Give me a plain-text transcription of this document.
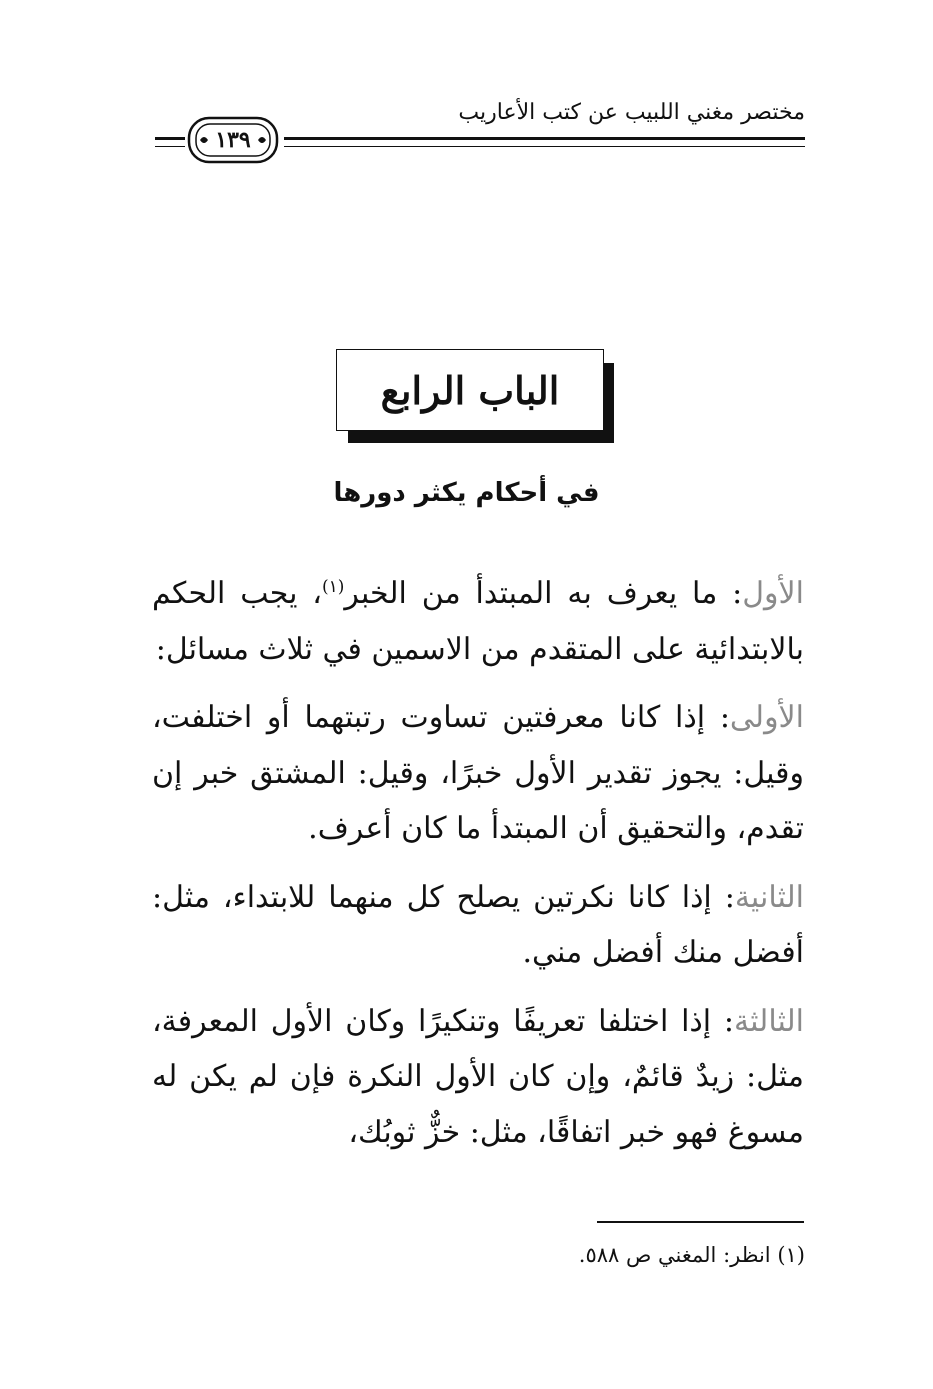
مختصر مغني اللبيب عن كتب الأعاريب
١٣٩
الباب الرابع
في أحكام يكثر دورها

الأول: ما يعرف به المبتدأ من الخبر$^{(١)}$، يجب الحكم بالابتدائية على المتقدم من الاسمين في ثلاث مسائل:

الأولى: إذا كانا معرفتين تساوت رتبتهما أو اختلفت، وقيل: يجوز تقدير الأول خبرًا، وقيل: المشتق خبر إن تقدم، والتحقيق أن المبتدأ ما كان أعرف.

الثانية: إذا كانا نكرتين يصلح كل منهما للابتداء، مثل: أفضل منك أفضل مني.

الثالثة: إذا اختلفا تعريفًا وتنكيرًا وكان الأول المعرفة، مثل: زيدٌ قائمٌ، وإن كان الأول النكرة فإن لم يكن له مسوغ فهو خبر اتفاقًا، مثل: خزٌّ ثوبُك،

(١) انظر: المغني ص ٥٨٨.
